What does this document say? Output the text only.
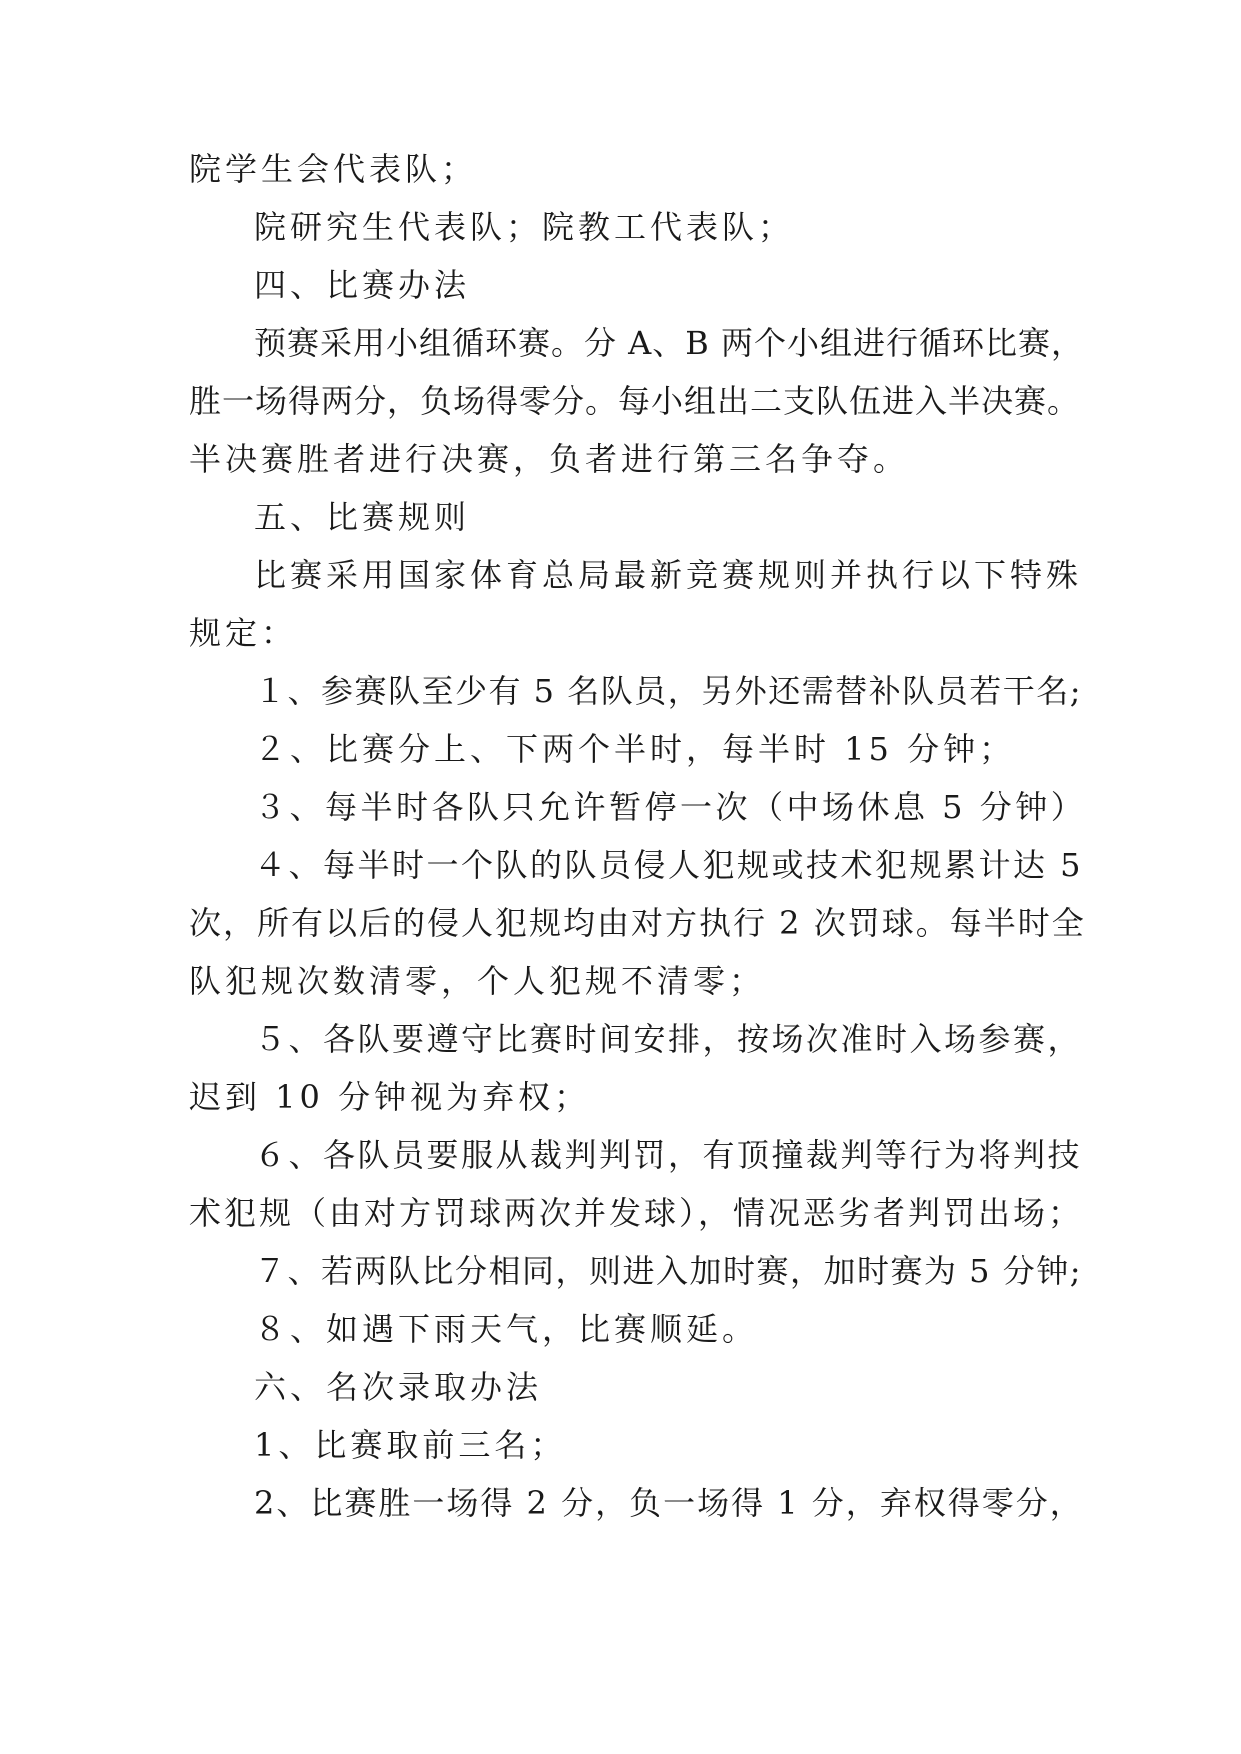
院学生会代表队；
院研究生代表队；院教工代表队；
四、比赛办法
预赛采用小组循环赛。分 A、B 两个小组进行循环比赛，
胜一场得两分，负场得零分。每小组出二支队伍进入半决赛。
半决赛胜者进行决赛，负者进行第三名争夺。
五、比赛规则
比赛采用国家体育总局最新竞赛规则并执行以下特殊
规定：
１、参赛队至少有 5 名队员，另外还需替补队员若干名;
２、比赛分上、下两个半时，每半时 15 分钟；
３、每半时各队只允许暂停一次（中场休息 5 分钟）
４、每半时一个队的队员侵人犯规或技术犯规累计达 5
次，所有以后的侵人犯规均由对方执行 2 次罚球。每半时全
队犯规次数清零，个人犯规不清零；
５、各队要遵守比赛时间安排，按场次准时入场参赛，
迟到 10 分钟视为弃权；
６、各队员要服从裁判判罚，有顶撞裁判等行为将判技
术犯规（由对方罚球两次并发球），情况恶劣者判罚出场；
７、若两队比分相同，则进入加时赛，加时赛为 5 分钟;
８、如遇下雨天气，比赛顺延。
六、名次录取办法
1、比赛取前三名；
2、比赛胜一场得 2 分，负一场得 1 分，弃权得零分，
